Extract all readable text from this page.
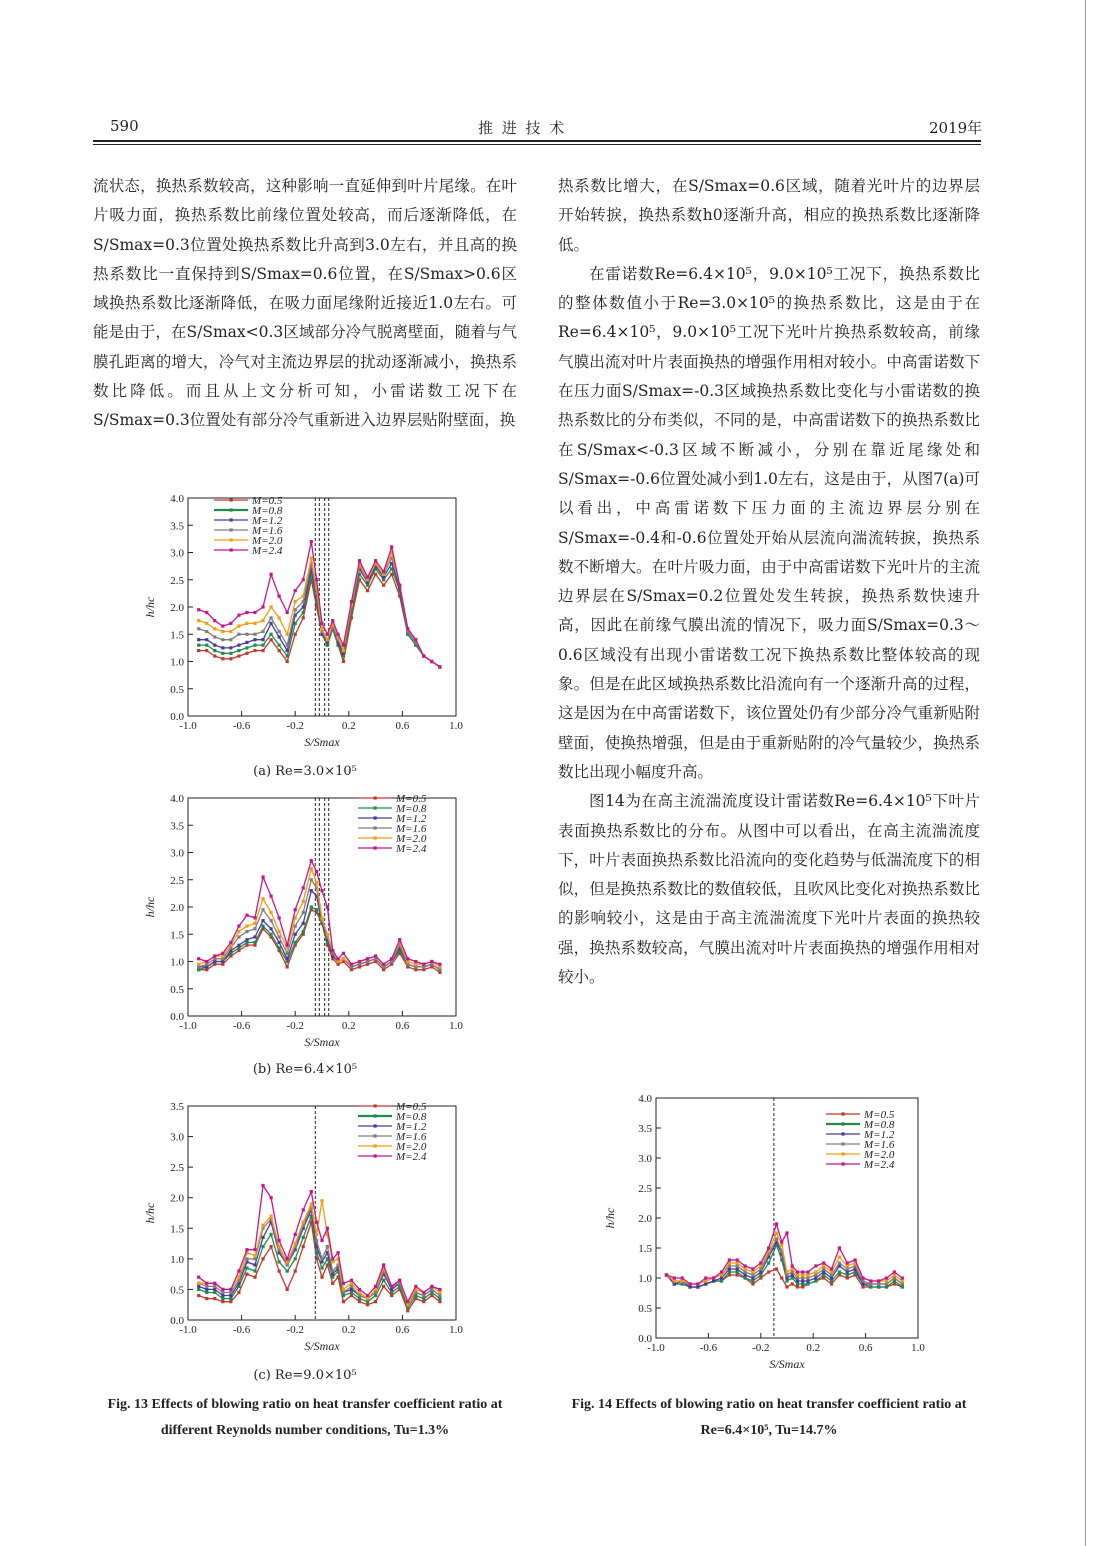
590	推 进 技 术	2019年

流状态，换热系数较高，这种影响一直延伸到叶片尾缘。在叶片吸力面，换热系数比前缘位置处较高，而后逐渐降低，在S/Smax=0.3位置处换热系数比升高到3.0左右，并且高的换热系数比一直保持到S/Smax=0.6位置，在S/Smax>0.6区域换热系数比逐渐降低，在吸力面尾缘附近接近1.0左右。可能是由于，在S/Smax<0.3区域部分冷气脱离壁面，随着与气膜孔距离的增大，冷气对主流边界层的扰动逐渐减小，换热系数比降低。而且从上文分析可知，小雷诺数工况下在S/Smax=0.3位置处有部分冷气重新进入边界层贴附壁面，换

热系数比增大，在S/Smax=0.6区域，随着光叶片的边界层开始转捩，换热系数h0逐渐升高，相应的换热系数比逐渐降低。

在雷诺数Re=6.4×10⁵，9.0×10⁵工况下，换热系数比的整体数值小于Re=3.0×10⁵的换热系数比，这是由于在Re=6.4×10⁵，9.0×10⁵工况下光叶片换热系数较高，前缘气膜出流对叶片表面换热的增强作用相对较小。中高雷诺数下在压力面S/Smax=-0.3区域换热系数比变化与小雷诺数的换热系数比的分布类似，不同的是，中高雷诺数下的换热系数比在S/Smax<-0.3区域不断减小，分别在靠近尾缘处和S/Smax=-0.6位置处减小到1.0左右，这是由于，从图7(a)可以看出，中高雷诺数下压力面的主流边界层分别在S/Smax=-0.4和-0.6位置处开始从层流向湍流转捩，换热系数不断增大。在叶片吸力面，由于中高雷诺数下光叶片的主流边界层在S/Smax=0.2位置处发生转捩，换热系数快速升高，因此在前缘气膜出流的情况下，吸力面S/Smax=0.3～0.6区域没有出现小雷诺数工况下换热系数比整体较高的现象。但是在此区域换热系数比沿流向有一个逐渐升高的过程，这是因为在中高雷诺数下，该位置处仍有少部分冷气重新贴附壁面，使换热增强，但是由于重新贴附的冷气量较少，换热系数比出现小幅度升高。

图14为在高主流湍流度设计雷诺数Re=6.4×10⁵下叶片表面换热系数比的分布。从图中可以看出，在高主流湍流度下，叶片表面换热系数比沿流向的变化趋势与低湍流度下的相似，但是换热系数比的数值较低，且吹风比变化对换热系数比的影响较小，这是由于高主流湍流度下光叶片表面的换热较强，换热系数较高，气膜出流对叶片表面换热的增强作用相对较小。

0.0
0.5
1.0
1.5
2.0
2.5
3.0
3.5
4.0
-1.0	-0.6	-0.2	0.2	0.6	1.0
S/Smax
h/hc
M=0.5
M=0.8
M=1.2
M=1.6
M=2.0
M=2.4
(a) Re=3.0×10⁵
0.0
0.5
1.0
1.5
2.0
2.5
3.0
3.5
4.0
-1.0	-0.6	-0.2	0.2	0.6	1.0
S/Smax
h/hc
M=0.5
M=0.8
M=1.2
M=1.6
M=2.0
M=2.4
(b) Re=6.4×10⁵
0.0
0.5
1.0
1.5
2.0
2.5
3.0
3.5
-1.0	-0.6	-0.2	0.2	0.6	1.0
S/Smax
h/hc
M=0.5
M=0.8
M=1.2
M=1.6
M=2.0
M=2.4
(c) Re=9.0×10⁵
Fig. 13 Effects of blowing ratio on heat transfer coefficient ratio at different Reynolds number conditions, Tu=1.3%
0.0
0.5
1.0
1.5
2.0
2.5
3.0
3.5
4.0
-1.0	-0.6	-0.2	0.2	0.6	1.0
S/Smax
h/hc
M=0.5
M=0.8
M=1.2
M=1.6
M=2.0
M=2.4
Fig. 14 Effects of blowing ratio on heat transfer coefficient ratio at Re=6.4×10⁵, Tu=14.7%
